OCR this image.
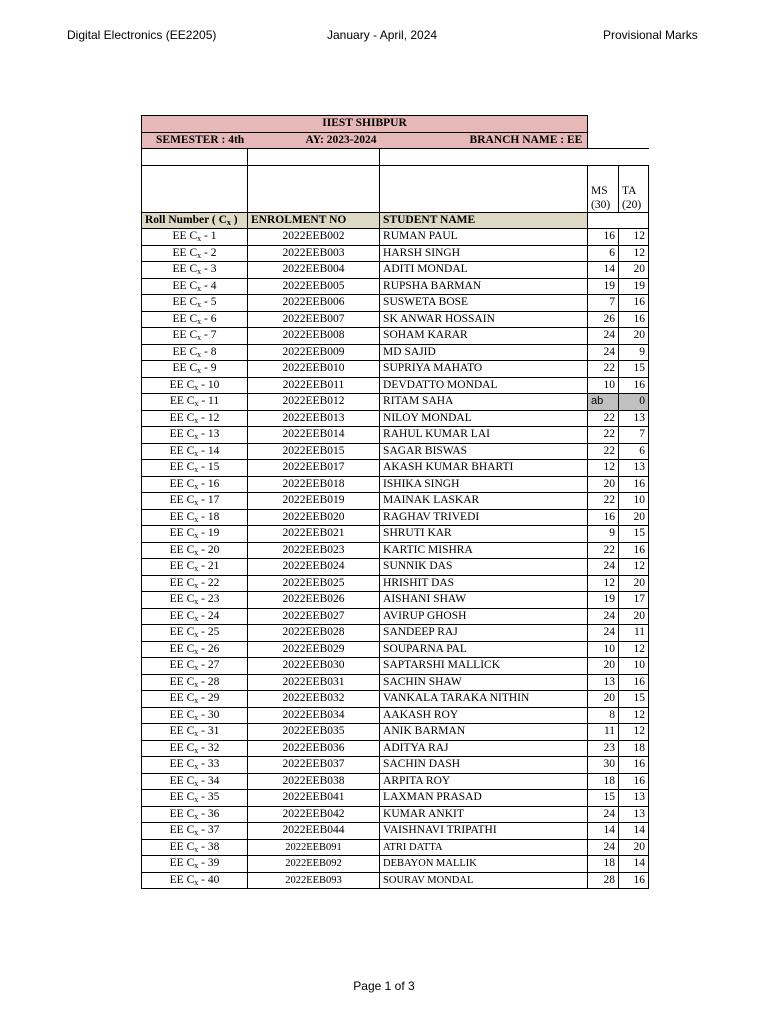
Digital Electronics (EE2205)	January - April, 2024	Provisional Marks
IIEST SHIBPUR				
SEMESTER : 4th	AY: 2023-2024	BRANCH NAME : EE		

			MS (30)	TA (20)
Roll Number ( $C_x$ )	ENROLMENT NO	STUDENT NAME		
EE $C_x - 1$	2022EEB002	RUMAN PAUL	16	12
EE $C_x - 2$	2022EEB003	HARSH SINGH	6	12
EE $C_x - 3$	2022EEB004	ADITI MONDAL	14	20
EE $C_x - 4$	2022EEB005	RUPSHA BARMAN	19	19
EE $C_x - 5$	2022EEB006	SUSWETA BOSE	7	16
EE $C_x - 6$	2022EEB007	SK ANWAR HOSSAIN	26	16
EE $C_x - 7$	2022EEB008	SOHAM KARAR	24	20
EE $C_x - 8$	2022EEB009	MD SAJID	24	9
EE $C_x - 9$	2022EEB010	SUPRIYA MAHATO	22	15
EE $C_x - 10$	2022EEB011	DEVDATTO MONDAL	10	16
EE $C_x - 11$	2022EEB012	RITAM SAHA	ab	0
EE $C_x - 12$	2022EEB013	NILOY MONDAL	22	13
EE $C_x - 13$	2022EEB014	RAHUL KUMAR LAI	22	7
EE $C_x - 14$	2022EEB015	SAGAR BISWAS	22	6
EE $C_x - 15$	2022EEB017	AKASH KUMAR BHARTI	12	13
EE $C_x - 16$	2022EEB018	ISHIKA SINGH	20	16
EE $C_x - 17$	2022EEB019	MAINAK LASKAR	22	10
EE $C_x - 18$	2022EEB020	RAGHAV TRIVEDI	16	20
EE $C_x - 19$	2022EEB021	SHRUTI KAR	9	15
EE $C_x - 20$	2022EEB023	KARTIC MISHRA	22	16
EE $C_x - 21$	2022EEB024	SUNNIK DAS	24	12
EE $C_x - 22$	2022EEB025	HRISHIT DAS	12	20
EE $C_x - 23$	2022EEB026	AISHANI SHAW	19	17
EE $C_x - 24$	2022EEB027	AVIRUP GHOSH	24	20
EE $C_x - 25$	2022EEB028	SANDEEP RAJ	24	11
EE $C_x - 26$	2022EEB029	SOUPARNA PAL	10	12
EE $C_x - 27$	2022EEB030	SAPTARSHI MALLICK	20	10
EE $C_x - 28$	2022EEB031	SACHIN SHAW	13	16
EE $C_x - 29$	2022EEB032	VANKALA TARAKA NITHIN	20	15
EE $C_x - 30$	2022EEB034	AAKASH ROY	8	12
EE $C_x - 31$	2022EEB035	ANIK BARMAN	11	12
EE $C_x - 32$	2022EEB036	ADITYA RAJ	23	18
EE $C_x - 33$	2022EEB037	SACHIN DASH	30	16
EE $C_x - 34$	2022EEB038	ARPITA ROY	18	16
EE $C_x - 35$	2022EEB041	LAXMAN PRASAD	15	13
EE $C_x - 36$	2022EEB042	KUMAR ANKIT	24	13
EE $C_x - 37$	2022EEB044	VAISHNAVI TRIPATHI	14	14
EE $C_x - 38$	2022EEB091	ATRI DATTA	24	20
EE $C_x - 39$	2022EEB092	DEBAYON MALLIK	18	14
EE $C_x - 40$	2022EEB093	SOURAV MONDAL	28	16
Page 1 of 3
